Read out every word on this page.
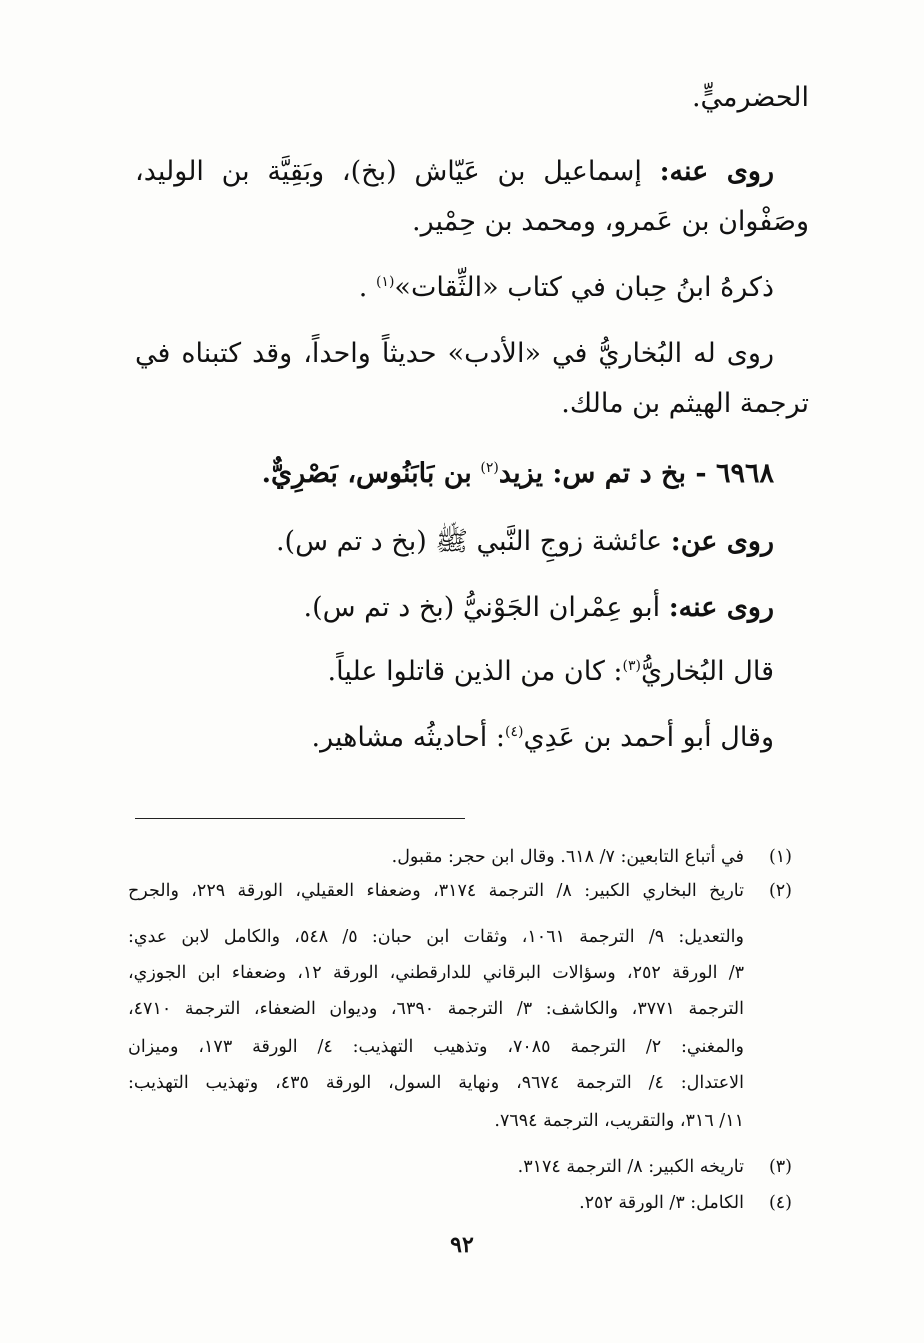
الحضرميٍّ.
روى عنه: إسماعيل بن عَيّاش (بخ)، وبَقِيَّة بن الوليد،
وصَفْوان بن عَمرو، ومحمد بن حِمْير.
ذكرهُ ابنُ حِبان في كتاب «الثِّقات»$^{(١)}$ .
روى له البُخاريُّ في «الأدب» حديثاً واحداً، وقد كتبناه في
ترجمة الهيثم بن مالك.
٦٩٦٨ - بخ د تم س: يزيد$^{(٢)}$ بن بَابَنُوس، بَصْرِيٌّ.
روى عن: عائشة زوجِ النَّبي ﷺ (بخ د تم س).
روى عنه: أبو عِمْران الجَوْنيُّ (بخ د تم س).
قال البُخاريُّ$^{(٣)}$: كان من الذين قاتلوا علياً.
وقال أبو أحمد بن عَدِي$^{(٤)}$: أحاديثُه مشاهير.
(١)
في أتباع التابعين: ٧/ ٦١٨. وقال ابن حجر: مقبول.
(٢)
تاريخ البخاري الكبير: ٨/ الترجمة ٣١٧٤، وضعفاء العقيلي، الورقة ٢٢٩، والجرح
والتعديل: ٩/ الترجمة ١٠٦١، وثقات ابن حبان: ٥/ ٥٤٨، والكامل لابن عدي:
٣/ الورقة ٢٥٢، وسؤالات البرقاني للدارقطني، الورقة ١٢، وضعفاء ابن الجوزي،
الترجمة ٣٧٧١، والكاشف: ٣/ الترجمة ٦٣٩٠، وديوان الضعفاء، الترجمة ٤٧١٠،
والمغني: ٢/ الترجمة ٧٠٨٥، وتذهيب التهذيب: ٤/ الورقة ١٧٣، وميزان
الاعتدال: ٤/ الترجمة ٩٦٧٤، ونهاية السول، الورقة ٤٣٥، وتهذيب التهذيب:
١١/ ٣١٦، والتقريب، الترجمة ٧٦٩٤.
(٣)
تاريخه الكبير: ٨/ الترجمة ٣١٧٤.
(٤)
الكامل: ٣/ الورقة ٢٥٢.
٩٢
